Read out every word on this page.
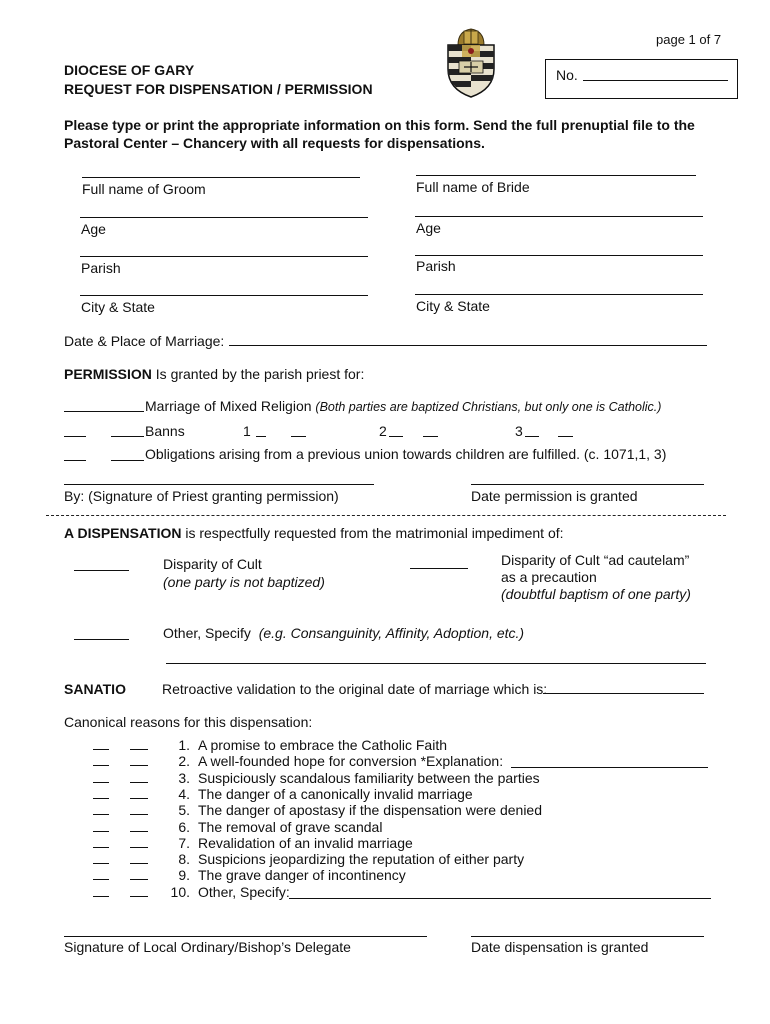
page 1 of 7
DIOCESE OF GARY
REQUEST FOR DISPENSATION / PERMISSION
No.
Please type or print the appropriate information on this form. Send the full prenuptial file to the Pastoral Center – Chancery with all requests for dispensations.
Full name of Groom	Full name of Bride
Age	Age
Parish	Parish
City & State	City & State
Date & Place of Marriage:
PERMISSION Is granted by the parish priest for:
Marriage of Mixed Religion (Both parties are baptized Christians, but only one is Catholic.)
Banns	1	2	3
Obligations arising from a previous union towards children are fulfilled. (c. 1071,1, 3)
By: (Signature of Priest granting permission)	Date permission is granted
A DISPENSATION is respectfully requested from the matrimonial impediment of:
Disparity of Cult
(one party is not baptized)
Disparity of Cult “ad cautelam”
as a precaution
(doubtful baptism of one party)
Other, Specify (e.g. Consanguinity, Affinity, Adoption, etc.)
SANATIO	Retroactive validation to the original date of marriage which is:
Canonical reasons for this dispensation:
1. A promise to embrace the Catholic Faith
2. A well-founded hope for conversion *Explanation:
3. Suspiciously scandalous familiarity between the parties
4. The danger of a canonically invalid marriage
5. The danger of apostasy if the dispensation were denied
6. The removal of grave scandal
7. Revalidation of an invalid marriage
8. Suspicions jeopardizing the reputation of either party
9. The grave danger of incontinency
10. Other, Specify:
Signature of Local Ordinary/Bishop’s Delegate	Date dispensation is granted
